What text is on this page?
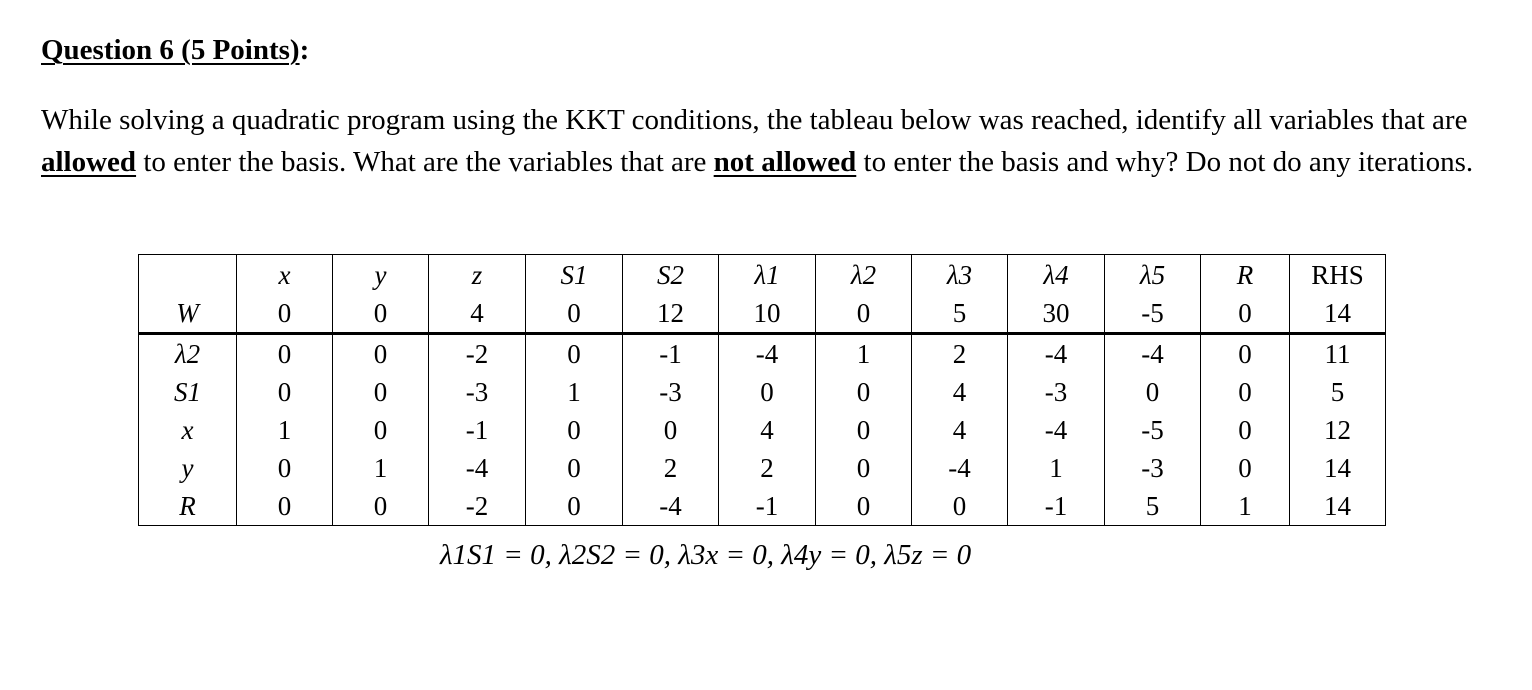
Question 6 (5 Points):
While solving a quadratic program using the KKT conditions, the tableau below was reached, identify all variables that are allowed to enter the basis. What are the variables that are not allowed to enter the basis and why? Do not do any iterations.
	x	y	z	S1	S2	λ1	λ2	λ3	λ4	λ5	R	RHS
W	0	0	4	0	12	10	0	5	30	-5	0	14
λ2	0	0	-2	0	-1	-4	1	2	-4	-4	0	11
S1	0	0	-3	1	-3	0	0	4	-3	0	0	5
x	1	0	-1	0	0	4	0	4	-4	-5	0	12
y	0	1	-4	0	2	2	0	-4	1	-3	0	14
R	0	0	-2	0	-4	-1	0	0	-1	5	1	14
λ1S1 = 0, λ2S2 = 0, λ3x = 0, λ4y = 0, λ5z = 0
